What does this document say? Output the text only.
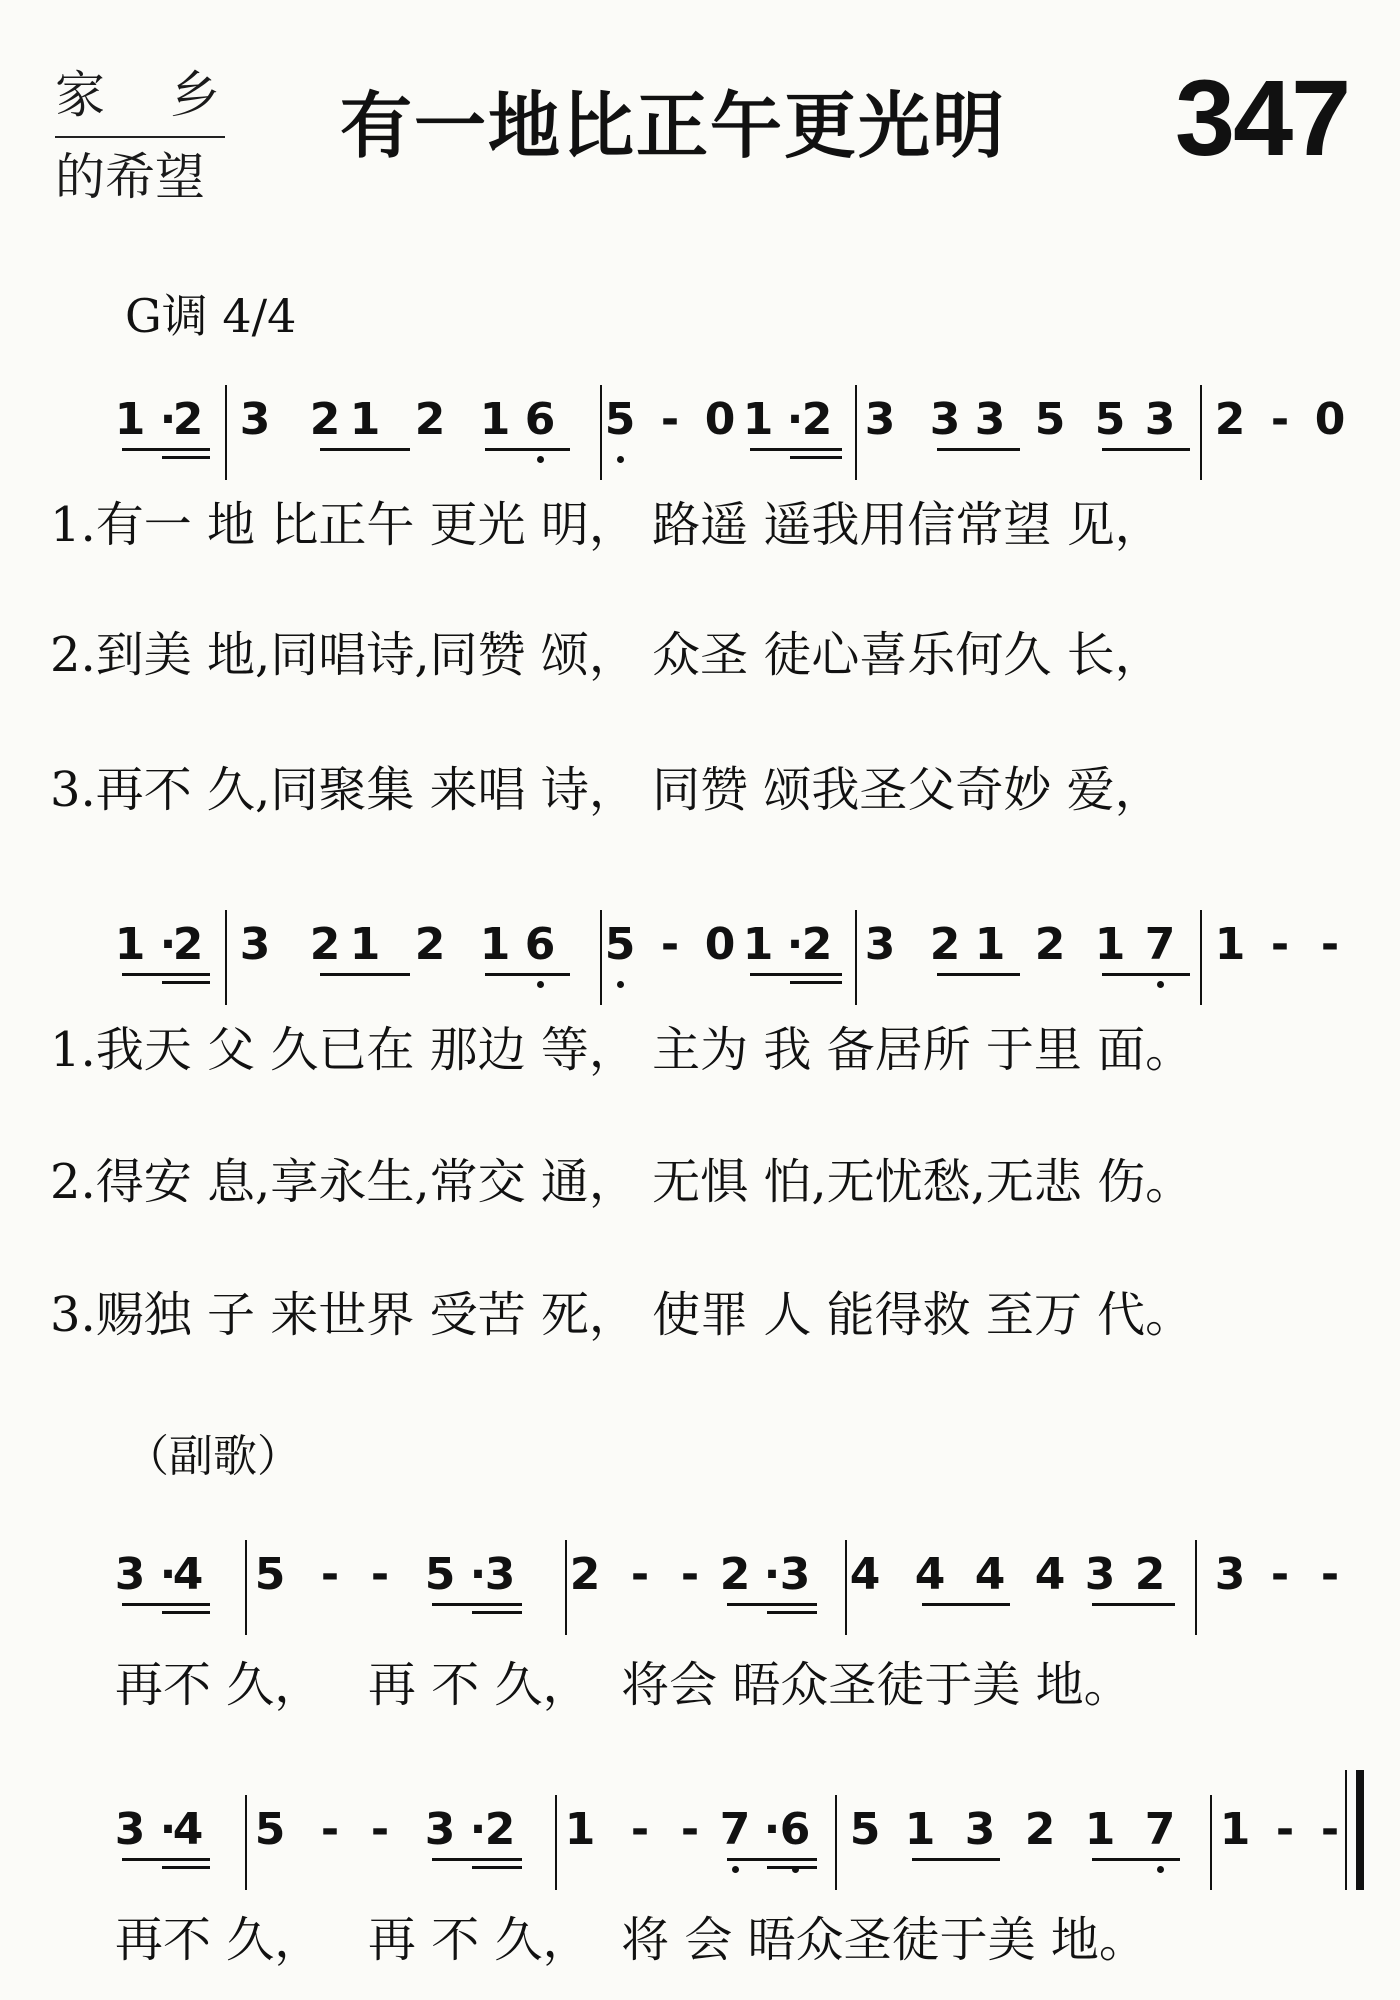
家 乡
的希望
有一地比正午更光明 347
G调 4/4
1 ·
2 3 2 1 2 1 6 5 - 0 1 ·
2 3 3 3 5 5 3 2 - 0
1 ·
2 3 2 1 2 1 6 5 - 0 1 ·
2 3 2 1 2 1 7 1 - -
3 ·
4 5 - - 5 ·
3 2 - - 2 · 3 4 4 4 4 3 2 3 - -
3 ·
4 5 - - 3 ·
2 1 - - 7 · 6 5 1 3 2 1 7 1 - -
1.有一 地 比正午 更光 明， 路遥 遥我用信常望 见，
2.到美 地,同唱诗,同赞 颂， 众圣 徒心喜乐何久 长，
3.再不 久,同聚集 来唱 诗， 同赞 颂我圣父奇妙 爱，
1.我天 父 久已在 那边 等， 主为 我 备居所 于里 面。
2.得安 息,享永生,常交 通， 无惧 怕,无忧愁,无悲 伤。
3.赐独 子 来世界 受苦 死， 使罪 人 能得救 至万 代。
（副歌）
再不 久，   再 不 久，  将会 晤众圣徒于美 地。
再不 久，   再 不 久，  将 会 晤众圣徒于美 地。
